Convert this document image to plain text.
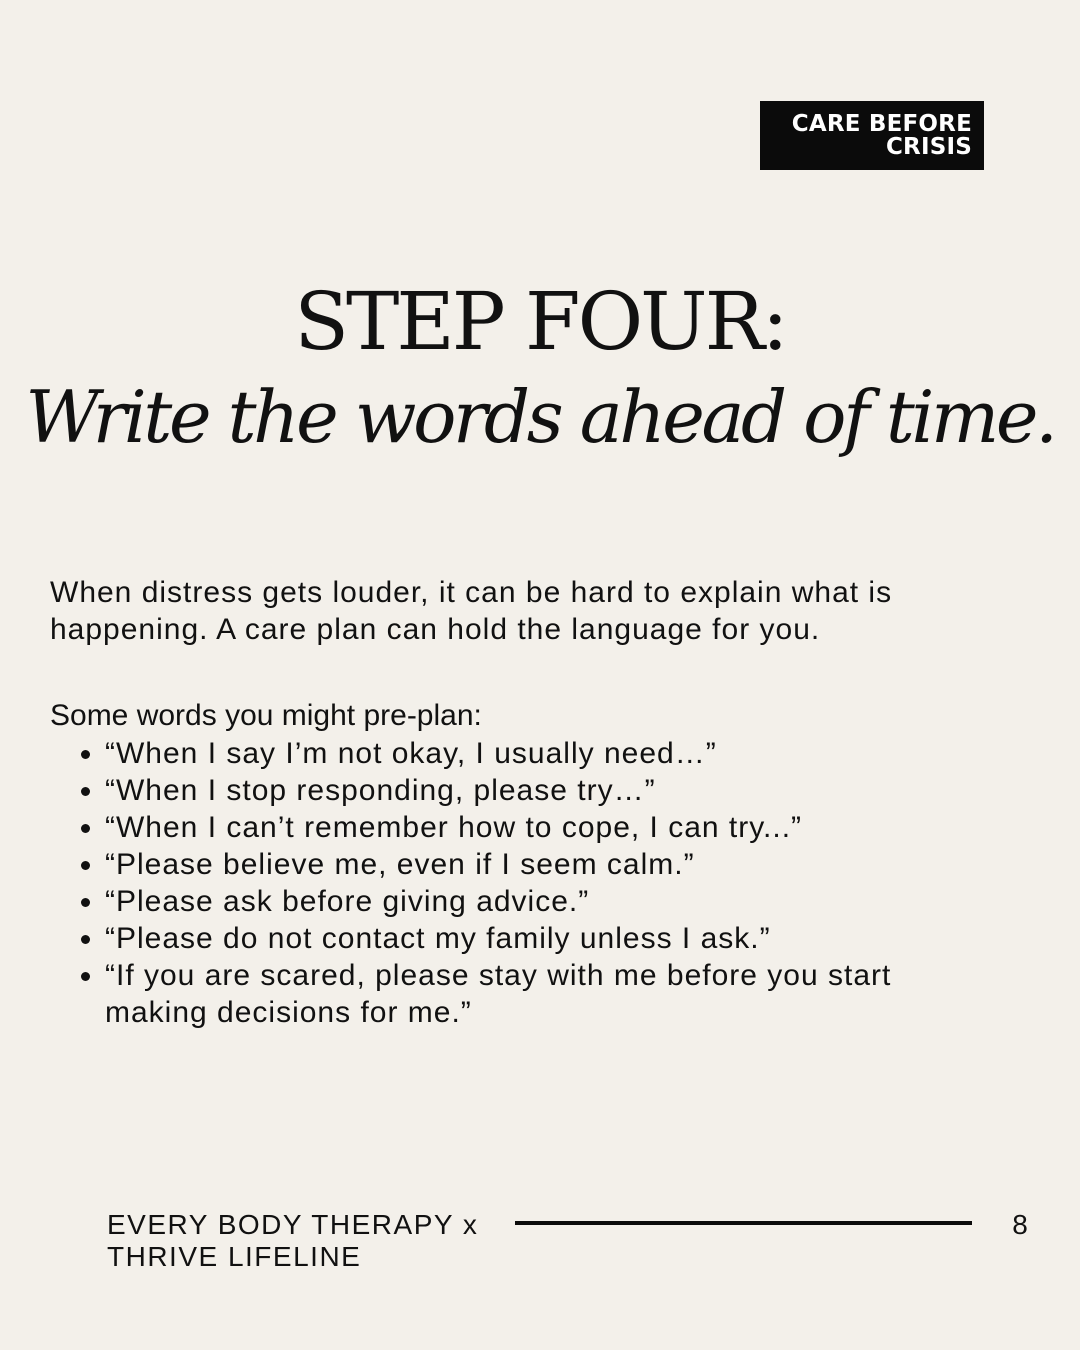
CARE BEFORE
CRISIS
STEP FOUR:
Write the words ahead of time.

When distress gets louder, it can be hard to explain what is happening. A care plan can hold the language for you.

Some words you might pre-plan:

• “When I say I’m not okay, I usually need…”
• “When I stop responding, please try…”
• “When I can’t remember how to cope, I can try...”
• “Please believe me, even if I seem calm.”
• “Please ask before giving advice.”
• “Please do not contact my family unless I ask.”
• “If you are scared, please stay with me before you start making decisions for me.”
EVERY BODY THERAPY x
THRIVE LIFELINE

8
